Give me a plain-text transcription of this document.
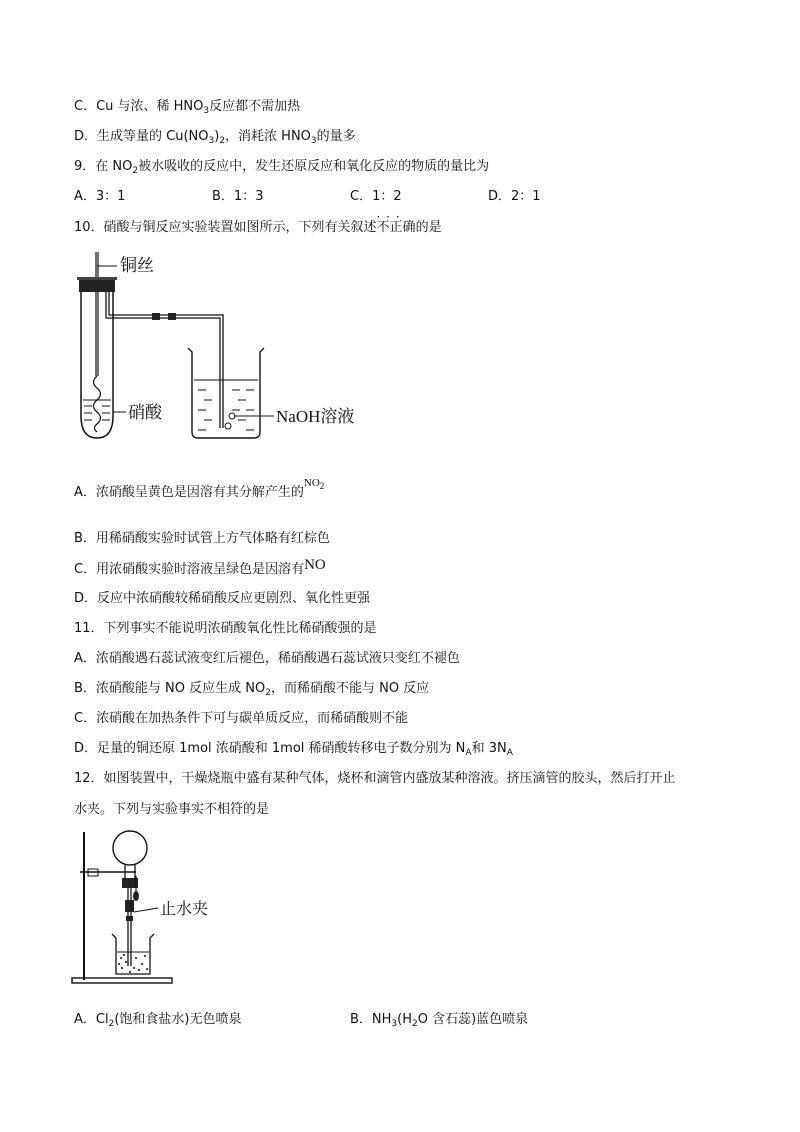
C．Cu 与浓、稀 $HNO_3$反应都不需加热
D．生成等量的 $Cu(NO_3)_2$，消耗浓 $HNO_3$的量多
9．在 $NO_2$被水吸收的反应中，发生还原反应和氧化反应的物质的量比为
A．3：1	B．1：3	C．1：2	D．2：1
10．硝酸与铜反应实验装置如图所示，下列有关叙述· · · 不正确的是
铜丝
硝酸	NaOH溶液
A．浓硝酸呈黄色是因溶有其分解产生的$^{NO_2}$
B．用稀硝酸实验时试管上方气体略有红棕色
C．用浓硝酸实验时溶液呈绿色是因溶有NO
D．反应中浓硝酸较稀硝酸反应更剧烈、氧化性更强
11．下列事实不能说明浓硝酸氧化性比稀硝酸强的是
A．浓硝酸遇石蕊试液变红后褪色，稀硝酸遇石蕊试液只变红不褪色
B．浓硝酸能与 NO 反应生成 $NO_2$，而稀硝酸不能与 NO 反应
C．浓硝酸在加热条件下可与碳单质反应，而稀硝酸则不能
D．足量的铜还原 1mol 浓硝酸和 1mol 稀硝酸转移电子数分别为 $N_A$和 $3N_A$
12．如图装置中，干燥烧瓶中盛有某种气体，烧杯和滴管内盛放某种溶液。挤压滴管的胶头，然后打开止
水夹。下列与实验事实不相符的是
止水夹
A．$Cl_2$(饱和食盐水)无色喷泉	B．$NH_3(H_2O$ 含石蕊)蓝色喷泉
